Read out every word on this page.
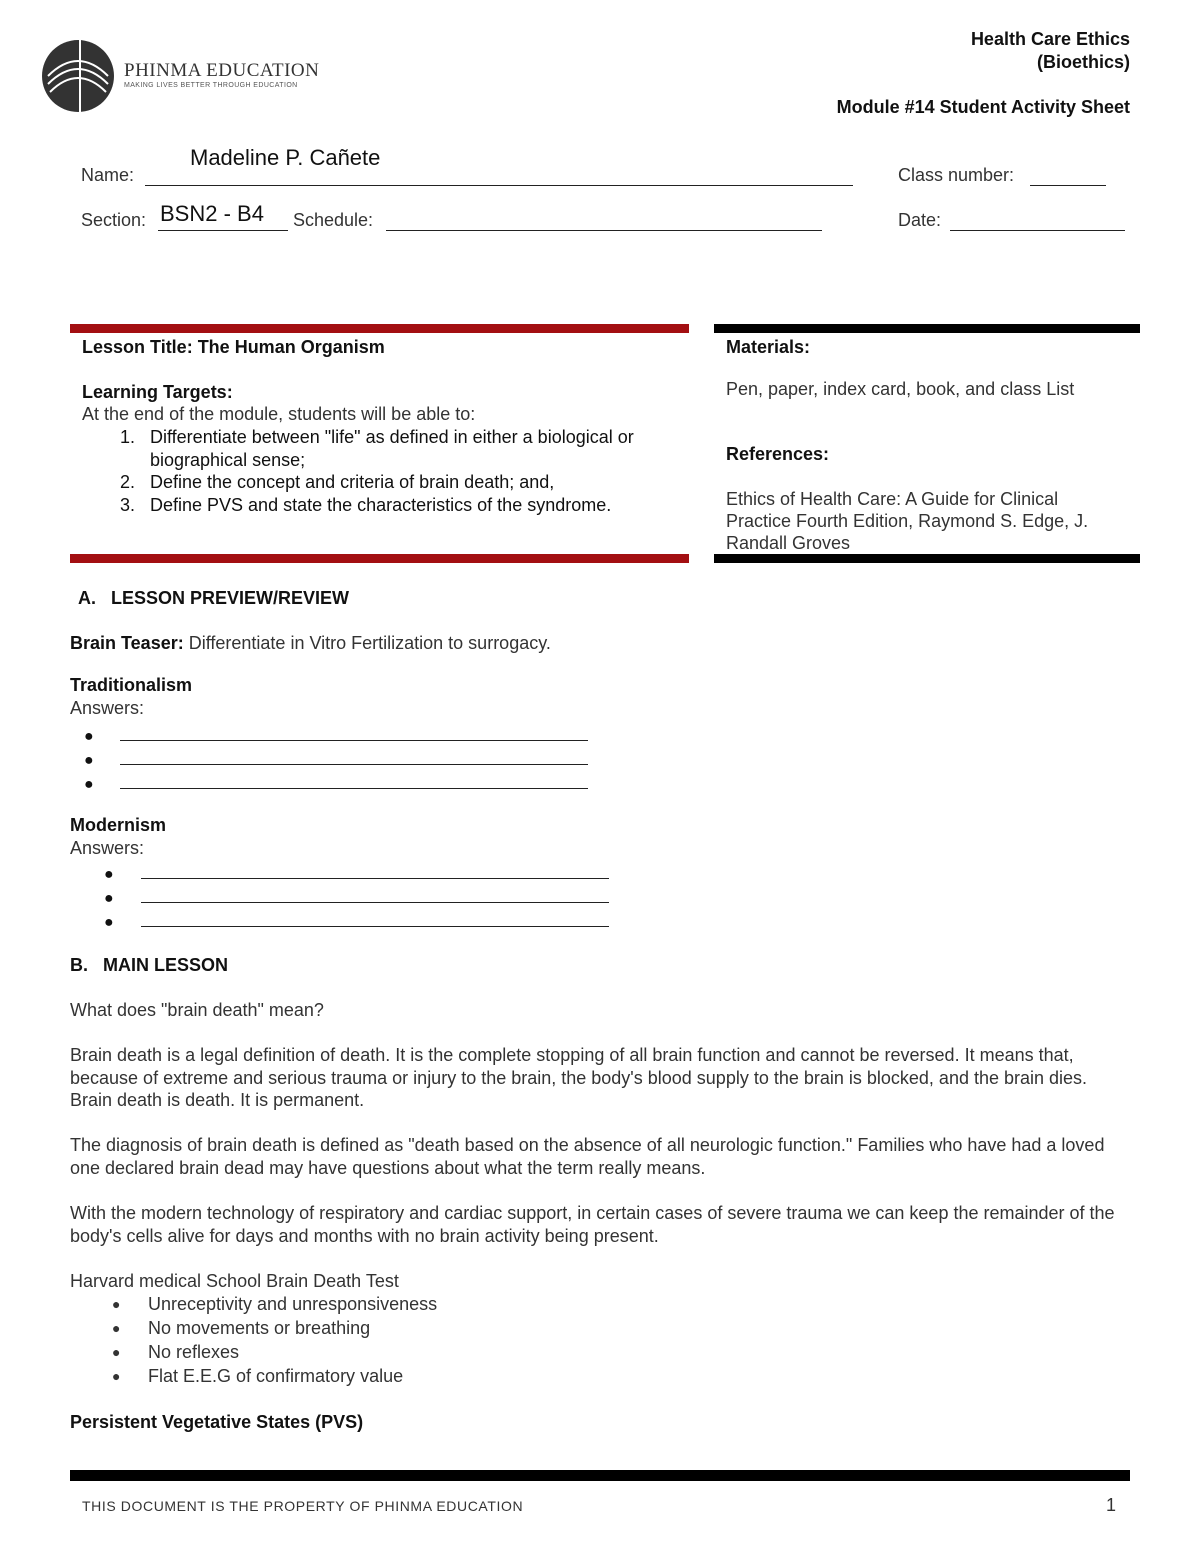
PHINMA EDUCATION
MAKING LIVES BETTER THROUGH EDUCATION
Health Care Ethics
(Bioethics)
Module #14 Student Activity Sheet
Name:
Madeline P. Cañete
Class number:
Section: BSN2 - B4 Schedule:	Date:
Lesson Title: The Human Organism
Learning Targets:
At the end of the module, students will be able to:
1. Differentiate between "life" as defined in either a biological or biographical sense;
2. Define the concept and criteria of brain death; and,
3. Define PVS and state the characteristics of the syndrome.
Materials:
Pen, paper, index card, book, and class List
References:
Ethics of Health Care: A Guide for Clinical Practice Fourth Edition, Raymond S. Edge, J. Randall Groves
A.   LESSON PREVIEW/REVIEW
Brain Teaser: Differentiate in Vitro Fertilization to surrogacy.
Traditionalism
Answers:
●
●
●
Modernism
Answers:
●
●
●
B.   MAIN LESSON

What does "brain death" mean?

Brain death is a legal definition of death. It is the complete stopping of all brain function and cannot be reversed. It means that, because of extreme and serious trauma or injury to the brain, the body's blood supply to the brain is blocked, and the brain dies. Brain death is death. It is permanent.

The diagnosis of brain death is defined as "death based on the absence of all neurologic function." Families who have had a loved one declared brain dead may have questions about what the term really means.

With the modern technology of respiratory and cardiac support, in certain cases of severe trauma we can keep the remainder of the body's cells alive for days and months with no brain activity being present.

Harvard medical School Brain Death Test
● Unreceptivity and unresponsiveness
● No movements or breathing
● No reflexes
● Flat E.E.G of confirmatory value
Persistent Vegetative States (PVS)
THIS DOCUMENT IS THE PROPERTY OF PHINMA EDUCATION	1
